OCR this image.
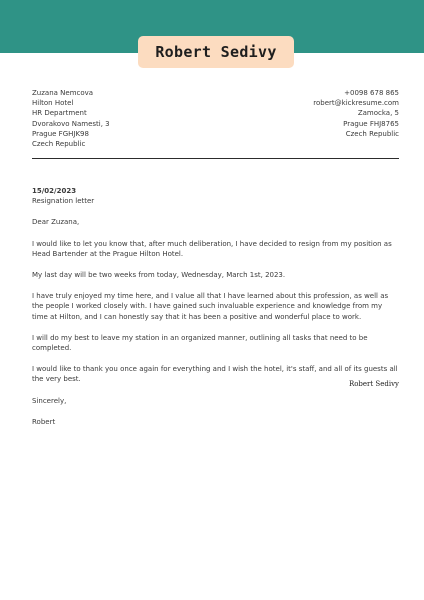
Robert Sedivy
Zuzana Nemcova
Hilton Hotel
HR Department
Dvorakovo Namesti, 3
Prague FGHJK98
Czech Republic
+0098 678 865
robert@kickresume.com
Zamocka, 5
Prague FHJ8765
Czech Republic

15/02/2023

Resignation letter

Dear Zuzana,

I would like to let you know that, after much deliberation, I have decided to resign from my position as Head Bartender at the Prague Hilton Hotel.

My last day will be two weeks from today, Wednesday, March 1st, 2023.

I have truly enjoyed my time here, and I value all that I have learned about this profession, as well as the people I worked closely with. I have gained such invaluable experience and knowledge from my time at Hilton, and I can honestly say that it has been a positive and wonderful place to work.

I will do my best to leave my station in an organized manner, outlining all tasks that need to be completed.

I would like to thank you once again for everything and I wish the hotel, it's staff, and all of its guests all the very best.

Sincerely,

Robert

Robert Sedivy
